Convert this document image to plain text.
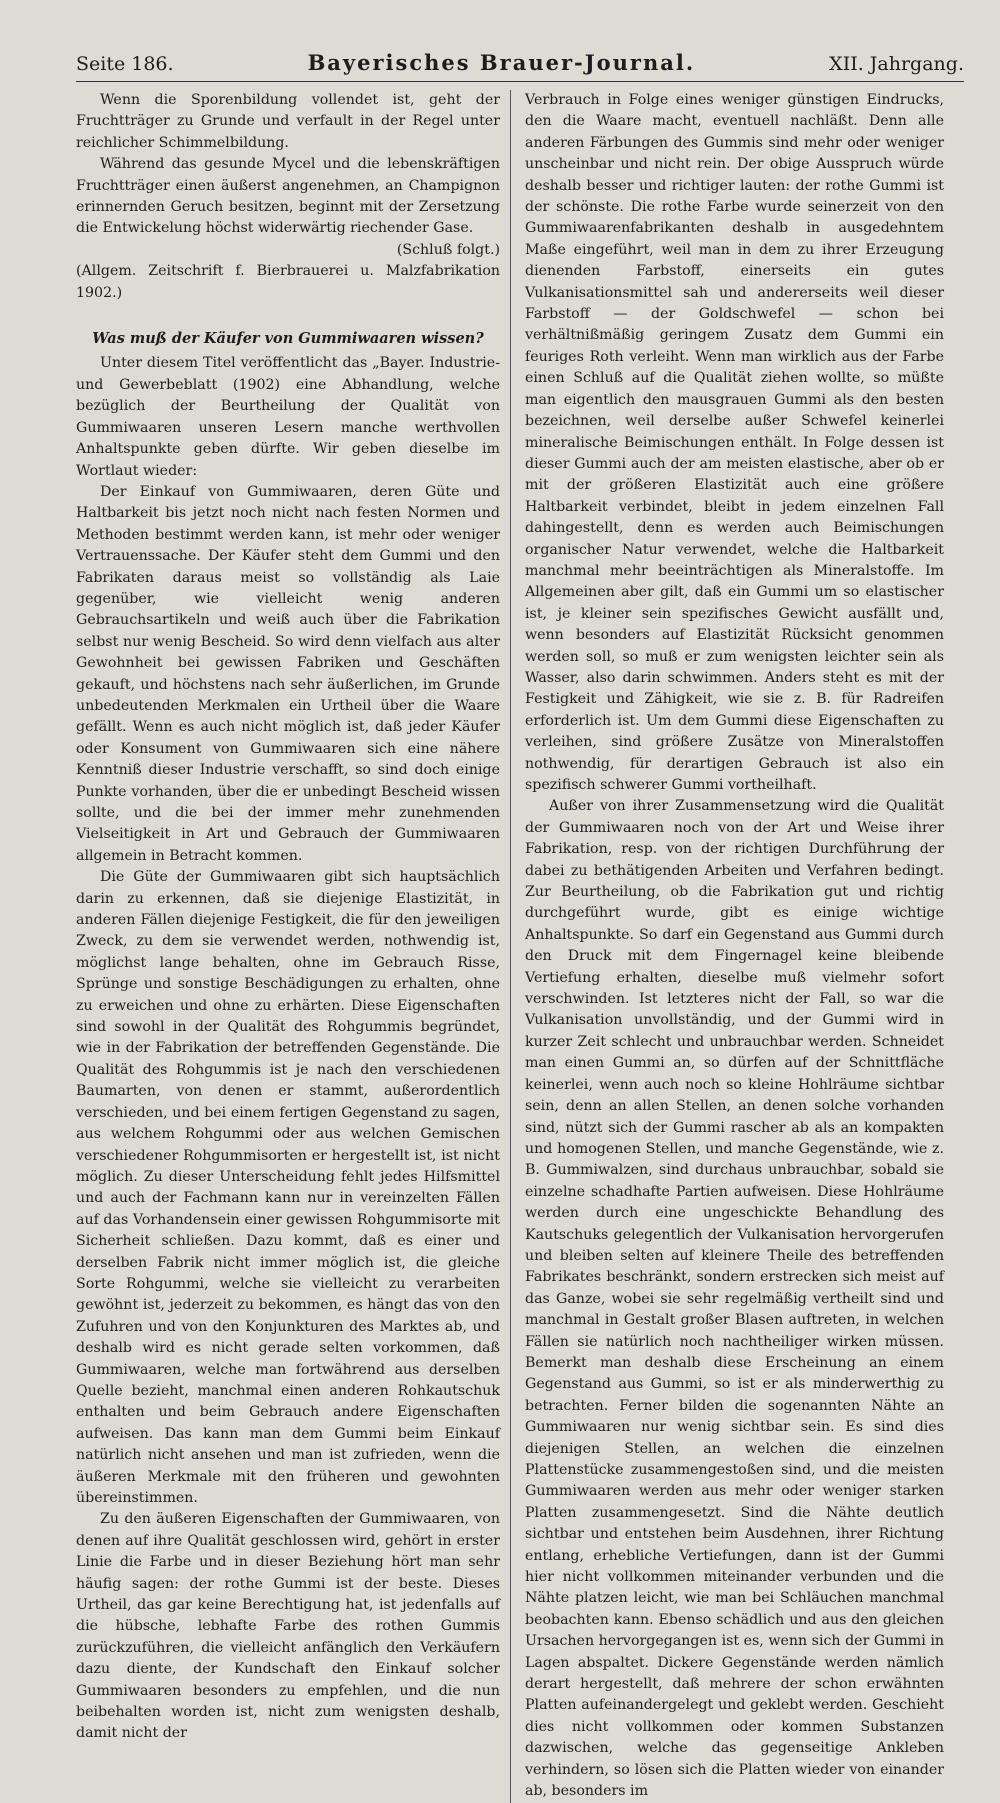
Seite 186.	Bayerisches Brauer-Journal.	XII. Jahrgang.

Wenn die Sporenbildung vollendet ist, geht der Fruchtträger zu Grunde und verfault in der Regel unter reichlicher Schimmelbildung.

Während das gesunde Mycel und die lebenskräftigen Fruchtträger einen äußerst angenehmen, an Champignon erinnernden Geruch besitzen, beginnt mit der Zersetzung die Entwickelung höchst widerwärtig riechender Gase.

(Schluß folgt.)

(Allgem. Zeitschrift f. Bierbrauerei u. Malzfabrikation 1902.)

Was muß der Käufer von Gummiwaaren wissen?

Unter diesem Titel veröffentlicht das „Bayer. Industrie- und Gewerbeblatt (1902) eine Abhandlung, welche bezüglich der Beurtheilung der Qualität von Gummiwaaren unseren Lesern manche werthvollen Anhaltspunkte geben dürfte. Wir geben dieselbe im Wortlaut wieder:

Der Einkauf von Gummiwaaren, deren Güte und Haltbarkeit bis jetzt noch nicht nach festen Normen und Methoden bestimmt werden kann, ist mehr oder weniger Vertrauenssache. Der Käufer steht dem Gummi und den Fabrikaten daraus meist so vollständig als Laie gegenüber, wie vielleicht wenig anderen Gebrauchsartikeln und weiß auch über die Fabrikation selbst nur wenig Bescheid. So wird denn vielfach aus alter Gewohnheit bei gewissen Fabriken und Geschäften gekauft, und höchstens nach sehr äußerlichen, im Grunde unbedeutenden Merkmalen ein Urtheil über die Waare gefällt. Wenn es auch nicht möglich ist, daß jeder Käufer oder Konsument von Gummiwaaren sich eine nähere Kenntniß dieser Industrie verschafft, so sind doch einige Punkte vorhanden, über die er unbedingt Bescheid wissen sollte, und die bei der immer mehr zunehmenden Vielseitigkeit in Art und Gebrauch der Gummiwaaren allgemein in Betracht kommen.

Die Güte der Gummiwaaren gibt sich hauptsächlich darin zu erkennen, daß sie diejenige Elastizität, in anderen Fällen diejenige Festigkeit, die für den jeweiligen Zweck, zu dem sie verwendet werden, nothwendig ist, möglichst lange behalten, ohne im Gebrauch Risse, Sprünge und sonstige Beschädigungen zu erhalten, ohne zu erweichen und ohne zu erhärten. Diese Eigenschaften sind sowohl in der Qualität des Rohgummis begründet, wie in der Fabrikation der betreffenden Gegenstände. Die Qualität des Rohgummis ist je nach den verschiedenen Baumarten, von denen er stammt, außerordentlich verschieden, und bei einem fertigen Gegenstand zu sagen, aus welchem Rohgummi oder aus welchen Gemischen verschiedener Rohgummisorten er hergestellt ist, ist nicht möglich. Zu dieser Unterscheidung fehlt jedes Hilfsmittel und auch der Fachmann kann nur in vereinzelten Fällen auf das Vorhandensein einer gewissen Rohgummisorte mit Sicherheit schließen. Dazu kommt, daß es einer und derselben Fabrik nicht immer möglich ist, die gleiche Sorte Rohgummi, welche sie vielleicht zu verarbeiten gewöhnt ist, jederzeit zu bekommen, es hängt das von den Zufuhren und von den Konjunkturen des Marktes ab, und deshalb wird es nicht gerade selten vorkommen, daß Gummiwaaren, welche man fortwährend aus derselben Quelle bezieht, manchmal einen anderen Rohkautschuk enthalten und beim Gebrauch andere Eigenschaften aufweisen. Das kann man dem Gummi beim Einkauf natürlich nicht ansehen und man ist zufrieden, wenn die äußeren Merkmale mit den früheren und gewohnten übereinstimmen.

Zu den äußeren Eigenschaften der Gummiwaaren, von denen auf ihre Qualität geschlossen wird, gehört in erster Linie die Farbe und in dieser Beziehung hört man sehr häufig sagen: der rothe Gummi ist der beste. Dieses Urtheil, das gar keine Berechtigung hat, ist jedenfalls auf die hübsche, lebhafte Farbe des rothen Gummis zurückzuführen, die vielleicht anfänglich den Verkäufern dazu diente, der Kundschaft den Einkauf solcher Gummiwaaren besonders zu empfehlen, und die nun beibehalten worden ist, nicht zum wenigsten deshalb, damit nicht der

Verbrauch in Folge eines weniger günstigen Eindrucks, den die Waare macht, eventuell nachläßt. Denn alle anderen Färbungen des Gummis sind mehr oder weniger unscheinbar und nicht rein. Der obige Ausspruch würde deshalb besser und richtiger lauten: der rothe Gummi ist der schönste. Die rothe Farbe wurde seinerzeit von den Gummiwaarenfabrikanten deshalb in ausgedehntem Maße eingeführt, weil man in dem zu ihrer Erzeugung dienenden Farbstoff, einerseits ein gutes Vulkanisationsmittel sah und andererseits weil dieser Farbstoff — der Goldschwefel — schon bei verhältnißmäßig geringem Zusatz dem Gummi ein feuriges Roth verleiht. Wenn man wirklich aus der Farbe einen Schluß auf die Qualität ziehen wollte, so müßte man eigentlich den mausgrauen Gummi als den besten bezeichnen, weil derselbe außer Schwefel keinerlei mineralische Beimischungen enthält. In Folge dessen ist dieser Gummi auch der am meisten elastische, aber ob er mit der größeren Elastizität auch eine größere Haltbarkeit verbindet, bleibt in jedem einzelnen Fall dahingestellt, denn es werden auch Beimischungen organischer Natur verwendet, welche die Haltbarkeit manchmal mehr beeinträchtigen als Mineralstoffe. Im Allgemeinen aber gilt, daß ein Gummi um so elastischer ist, je kleiner sein spezifisches Gewicht ausfällt und, wenn besonders auf Elastizität Rücksicht genommen werden soll, so muß er zum wenigsten leichter sein als Wasser, also darin schwimmen. Anders steht es mit der Festigkeit und Zähigkeit, wie sie z. B. für Radreifen erforderlich ist. Um dem Gummi diese Eigenschaften zu verleihen, sind größere Zusätze von Mineralstoffen nothwendig, für derartigen Gebrauch ist also ein spezifisch schwerer Gummi vortheilhaft.

Außer von ihrer Zusammensetzung wird die Qualität der Gummiwaaren noch von der Art und Weise ihrer Fabrikation, resp. von der richtigen Durchführung der dabei zu bethätigenden Arbeiten und Verfahren bedingt. Zur Beurtheilung, ob die Fabrikation gut und richtig durchgeführt wurde, gibt es einige wichtige Anhaltspunkte. So darf ein Gegenstand aus Gummi durch den Druck mit dem Fingernagel keine bleibende Vertiefung erhalten, dieselbe muß vielmehr sofort verschwinden. Ist letzteres nicht der Fall, so war die Vulkanisation unvollständig, und der Gummi wird in kurzer Zeit schlecht und unbrauchbar werden. Schneidet man einen Gummi an, so dürfen auf der Schnittfläche keinerlei, wenn auch noch so kleine Hohlräume sichtbar sein, denn an allen Stellen, an denen solche vorhanden sind, nützt sich der Gummi rascher ab als an kompakten und homogenen Stellen, und manche Gegenstände, wie z. B. Gummiwalzen, sind durchaus unbrauchbar, sobald sie einzelne schadhafte Partien aufweisen. Diese Hohlräume werden durch eine ungeschickte Behandlung des Kautschuks gelegentlich der Vulkanisation hervorgerufen und bleiben selten auf kleinere Theile des betreffenden Fabrikates beschränkt, sondern erstrecken sich meist auf das Ganze, wobei sie sehr regelmäßig vertheilt sind und manchmal in Gestalt großer Blasen auftreten, in welchen Fällen sie natürlich noch nachtheiliger wirken müssen. Bemerkt man deshalb diese Erscheinung an einem Gegenstand aus Gummi, so ist er als minderwerthig zu betrachten. Ferner bilden die sogenannten Nähte an Gummiwaaren nur wenig sichtbar sein. Es sind dies diejenigen Stellen, an welchen die einzelnen Plattenstücke zusammengestoßen sind, und die meisten Gummiwaaren werden aus mehr oder weniger starken Platten zusammengesetzt. Sind die Nähte deutlich sichtbar und entstehen beim Ausdehnen, ihrer Richtung entlang, erhebliche Vertiefungen, dann ist der Gummi hier nicht vollkommen miteinander verbunden und die Nähte platzen leicht, wie man bei Schläuchen manchmal beobachten kann. Ebenso schädlich und aus den gleichen Ursachen hervorgegangen ist es, wenn sich der Gummi in Lagen abspaltet. Dickere Gegenstände werden nämlich derart hergestellt, daß mehrere der schon erwähnten Platten aufeinandergelegt und geklebt werden. Geschieht dies nicht vollkommen oder kommen Substanzen dazwischen, welche das gegenseitige Ankleben verhindern, so lösen sich die Platten wieder von einander ab, besonders im
